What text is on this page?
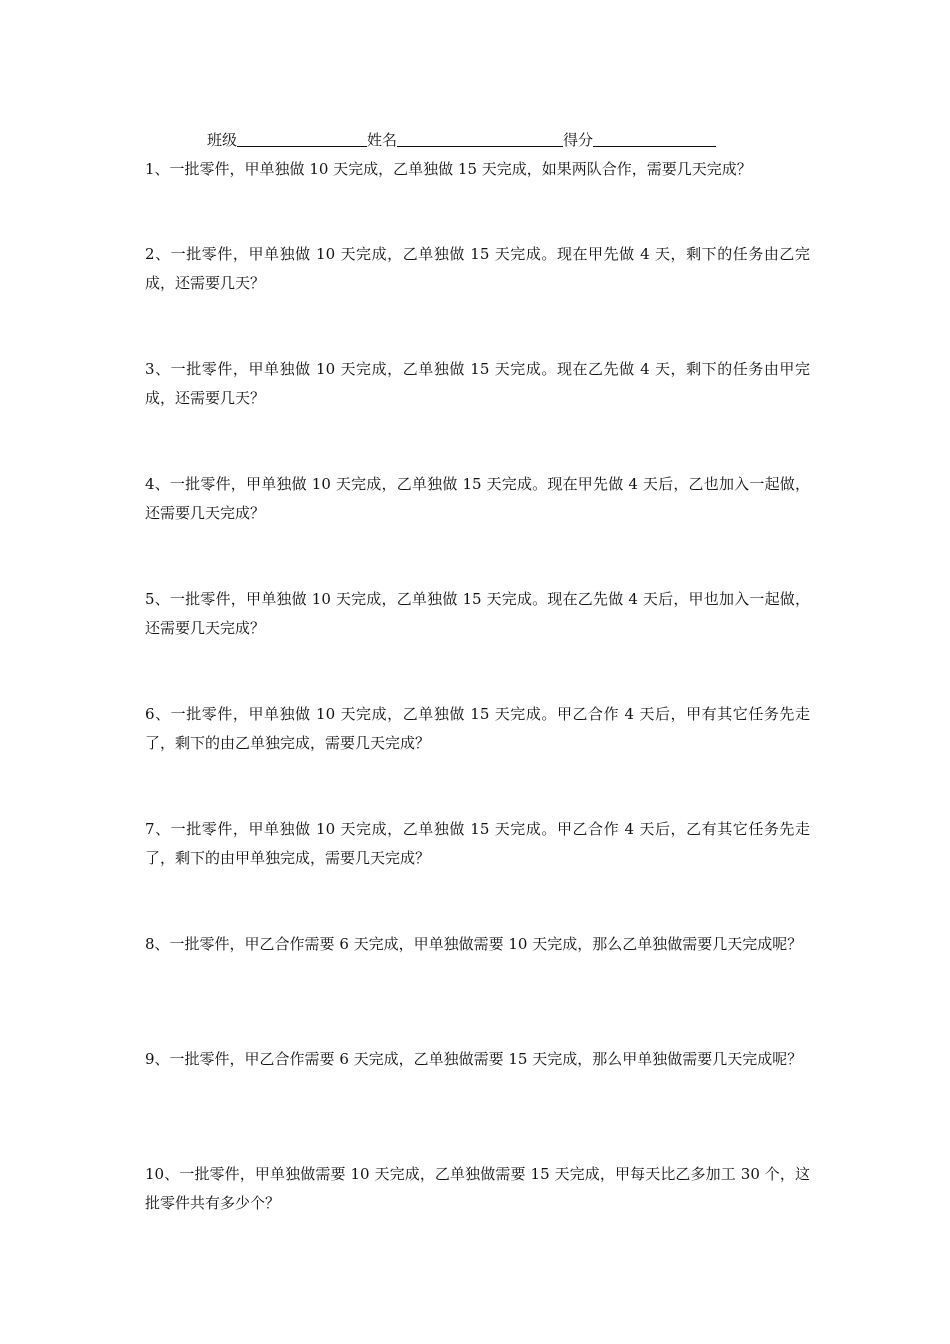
班级	姓名	得分
1、一批零件，甲单独做 10 天完成，乙单独做 15 天完成，如果两队合作，需要几天完成？
2、一批零件，甲单独做 10 天完成，乙单独做 15 天完成。现在甲先做 4 天，剩下的任务由乙完成，还需要几天？
3、一批零件，甲单独做 10 天完成，乙单独做 15 天完成。现在乙先做 4 天，剩下的任务由甲完成，还需要几天？
4、一批零件，甲单独做 10 天完成，乙单独做 15 天完成。现在甲先做 4 天后，乙也加入一起做，还需要几天完成？
5、一批零件，甲单独做 10 天完成，乙单独做 15 天完成。现在乙先做 4 天后，甲也加入一起做，还需要几天完成？
6、一批零件，甲单独做 10 天完成，乙单独做 15 天完成。甲乙合作 4 天后，甲有其它任务先走了，剩下的由乙单独完成，需要几天完成？
7、一批零件，甲单独做 10 天完成，乙单独做 15 天完成。甲乙合作 4 天后，乙有其它任务先走了，剩下的由甲单独完成，需要几天完成？
8、一批零件，甲乙合作需要 6 天完成，甲单独做需要 10 天完成，那么乙单独做需要几天完成呢？
9、一批零件，甲乙合作需要 6 天完成，乙单独做需要 15 天完成，那么甲单独做需要几天完成呢？
10、一批零件，甲单独做需要 10 天完成，乙单独做需要 15 天完成，甲每天比乙多加工 30 个，这批零件共有多少个？
